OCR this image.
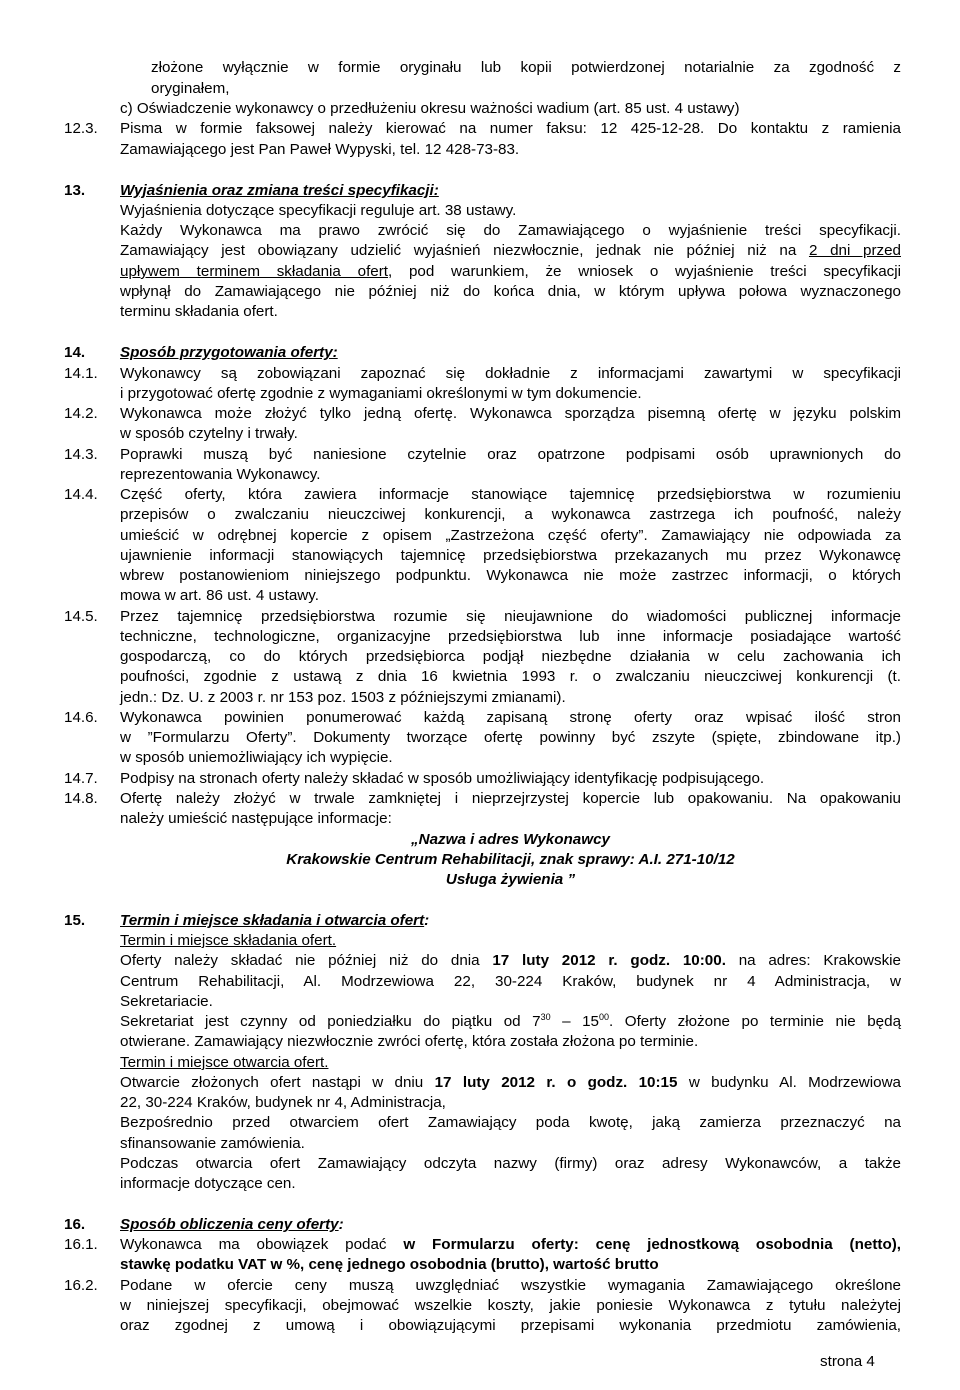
złożone wyłącznie w formie oryginału lub kopii potwierdzonej notarialnie za zgodność z
oryginałem,
c) Oświadczenie wykonawcy o przedłużeniu okresu ważności wadium (art. 85 ust. 4 ustawy)
12.3. Pisma w formie faksowej należy kierować na numer faksu: 12 425-12-28. Do kontaktu z ramienia
Zamawiającego jest Pan Paweł Wypyski, tel. 12 428-73-83.
13. Wyjaśnienia oraz zmiana treści specyfikacji:
Wyjaśnienia dotyczące specyfikacji reguluje art. 38 ustawy.
Każdy Wykonawca ma prawo zwrócić się do Zamawiającego o wyjaśnienie treści specyfikacji.
Zamawiający jest obowiązany udzielić wyjaśnień niezwłocznie, jednak nie później niż na 2 dni przed
upływem terminem składania ofert, pod warunkiem, że wniosek o wyjaśnienie treści specyfikacji
wpłynął do Zamawiającego nie później niż do końca dnia, w którym upływa połowa wyznaczonego
terminu składania ofert.
14. Sposób przygotowania oferty:
14.1. Wykonawcy są zobowiązani zapoznać się dokładnie z informacjami zawartymi w specyfikacji
i przygotować ofertę zgodnie z wymaganiami określonymi w tym dokumencie.
14.2. Wykonawca może złożyć tylko jedną ofertę. Wykonawca sporządza pisemną ofertę w języku polskim
w sposób czytelny i trwały.
14.3. Poprawki muszą być naniesione czytelnie oraz opatrzone podpisami osób uprawnionych do
reprezentowania Wykonawcy.
14.4. Część oferty, która zawiera informacje stanowiące tajemnicę przedsiębiorstwa w rozumieniu
przepisów o zwalczaniu nieuczciwej konkurencji, a wykonawca zastrzega ich poufność, należy
umieścić w odrębnej kopercie z opisem „Zastrzeżona część oferty”. Zamawiający nie odpowiada za
ujawnienie informacji stanowiących tajemnicę przedsiębiorstwa przekazanych mu przez Wykonawcę
wbrew postanowieniom niniejszego podpunktu. Wykonawca nie może zastrzec informacji, o których
mowa w art. 86 ust. 4 ustawy.
14.5. Przez tajemnicę przedsiębiorstwa rozumie się nieujawnione do wiadomości publicznej informacje
techniczne, technologiczne, organizacyjne przedsiębiorstwa lub inne informacje posiadające wartość
gospodarczą, co do których przedsiębiorca podjął niezbędne działania w celu zachowania ich
poufności, zgodnie z ustawą z dnia 16 kwietnia 1993 r. o zwalczaniu nieuczciwej konkurencji (t.
jedn.: Dz. U. z 2003 r. nr 153 poz. 1503 z późniejszymi zmianami).
14.6. Wykonawca powinien ponumerować każdą zapisaną stronę oferty oraz wpisać ilość stron
w ”Formularzu Oferty”. Dokumenty tworzące ofertę powinny być zszyte (spięte, zbindowane itp.)
w sposób uniemożliwiający ich wypięcie.
14.7. Podpisy na stronach oferty należy składać w sposób umożliwiający identyfikację podpisującego.
14.8. Ofertę należy złożyć w trwale zamkniętej i nieprzejrzystej kopercie lub opakowaniu. Na opakowaniu
należy umieścić następujące informacje:
„Nazwa i adres Wykonawcy
Krakowskie Centrum Rehabilitacji, znak sprawy: A.I. 271-10/12
Usługa żywienia ”
15. Termin i miejsce składania i otwarcia ofert:
Termin i miejsce składania ofert.
Oferty należy składać nie później niż do dnia 17 luty 2012 r. godz. 10:00. na adres: Krakowskie
Centrum Rehabilitacji, Al. Modrzewiowa 22, 30-224 Kraków, budynek nr 4 Administracja, w
Sekretariacie.
Sekretariat jest czynny od poniedziałku do piątku od $7^{30} - 15^{00}$. Oferty złożone po terminie nie będą
otwierane. Zamawiający niezwłocznie zwróci ofertę, która została złożona po terminie.
Termin i miejsce otwarcia ofert.
Otwarcie złożonych ofert nastąpi w dniu 17 luty 2012 r. o godz. 10:15 w budynku Al. Modrzewiowa
22, 30-224 Kraków, budynek nr 4, Administracja,
Bezpośrednio przed otwarciem ofert Zamawiający poda kwotę, jaką zamierza przeznaczyć na
sfinansowanie zamówienia.
Podczas otwarcia ofert Zamawiający odczyta nazwy (firmy) oraz adresy Wykonawców, a także
informacje dotyczące cen.
16. Sposób obliczenia ceny oferty:
16.1. Wykonawca ma obowiązek podać w Formularzu oferty: cenę jednostkową osobodnia (netto),
stawkę podatku VAT w %, cenę jednego osobodnia (brutto), wartość brutto
16.2. Podane w ofercie ceny muszą uwzględniać wszystkie wymagania Zamawiającego określone
w niniejszej specyfikacji, obejmować wszelkie koszty, jakie poniesie Wykonawca z tytułu należytej
oraz zgodnej z umową i obowiązującymi przepisami wykonania przedmiotu zamówienia,
strona 4
